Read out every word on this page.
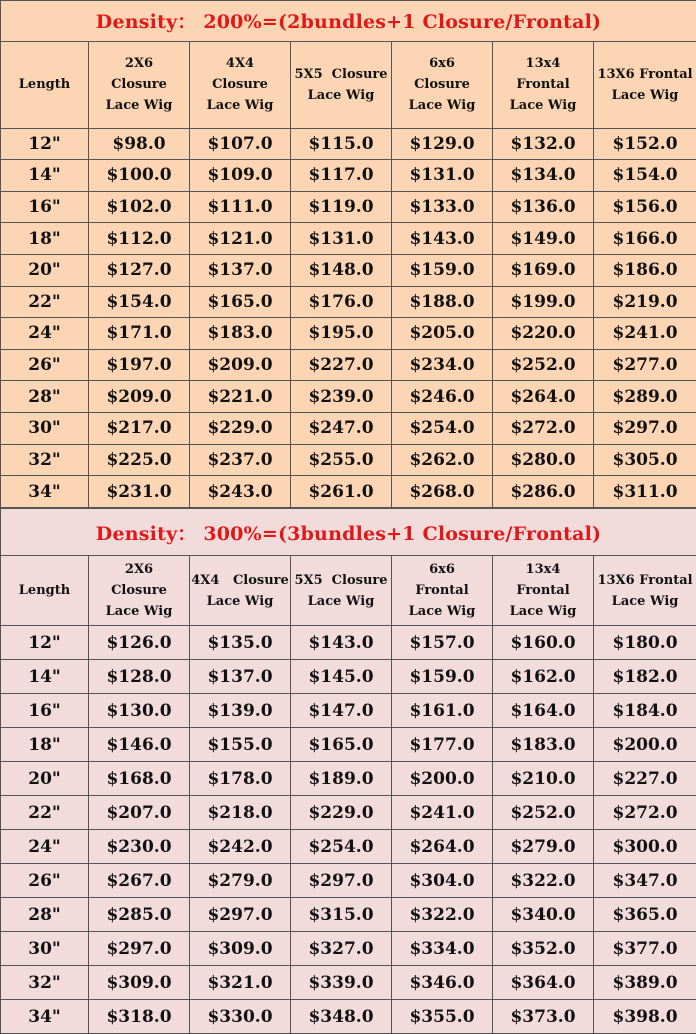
Density： 200%=(2bundles+1 Closure/Frontal)						
Length	2X6
Closure
Lace Wig	4X4
Closure
Lace Wig	5X5  Closure
Lace Wig	6x6
Closure
Lace Wig	13x4
Frontal
Lace Wig	13X6 Frontal
Lace Wig
12"	$98.0	$107.0	$115.0	$129.0	$132.0	$152.0
14"	$100.0	$109.0	$117.0	$131.0	$134.0	$154.0
16"	$102.0	$111.0	$119.0	$133.0	$136.0	$156.0
18"	$112.0	$121.0	$131.0	$143.0	$149.0	$166.0
20"	$127.0	$137.0	$148.0	$159.0	$169.0	$186.0
22"	$154.0	$165.0	$176.0	$188.0	$199.0	$219.0
24"	$171.0	$183.0	$195.0	$205.0	$220.0	$241.0
26"	$197.0	$209.0	$227.0	$234.0	$252.0	$277.0
28"	$209.0	$221.0	$239.0	$246.0	$264.0	$289.0
30"	$217.0	$229.0	$247.0	$254.0	$272.0	$297.0
32"	$225.0	$237.0	$255.0	$262.0	$280.0	$305.0
34"	$231.0	$243.0	$261.0	$268.0	$286.0	$311.0
Density： 300%=(3bundles+1 Closure/Frontal)						
Length	2X6
Closure
Lace Wig	4X4   Closure
Lace Wig	5X5  Closure
Lace Wig	6x6
Frontal
Lace Wig	13x4
Frontal
Lace Wig	13X6 Frontal
Lace Wig
12"	$126.0	$135.0	$143.0	$157.0	$160.0	$180.0
14"	$128.0	$137.0	$145.0	$159.0	$162.0	$182.0
16"	$130.0	$139.0	$147.0	$161.0	$164.0	$184.0
18"	$146.0	$155.0	$165.0	$177.0	$183.0	$200.0
20"	$168.0	$178.0	$189.0	$200.0	$210.0	$227.0
22"	$207.0	$218.0	$229.0	$241.0	$252.0	$272.0
24"	$230.0	$242.0	$254.0	$264.0	$279.0	$300.0
26"	$267.0	$279.0	$297.0	$304.0	$322.0	$347.0
28"	$285.0	$297.0	$315.0	$322.0	$340.0	$365.0
30"	$297.0	$309.0	$327.0	$334.0	$352.0	$377.0
32"	$309.0	$321.0	$339.0	$346.0	$364.0	$389.0
34"	$318.0	$330.0	$348.0	$355.0	$373.0	$398.0
